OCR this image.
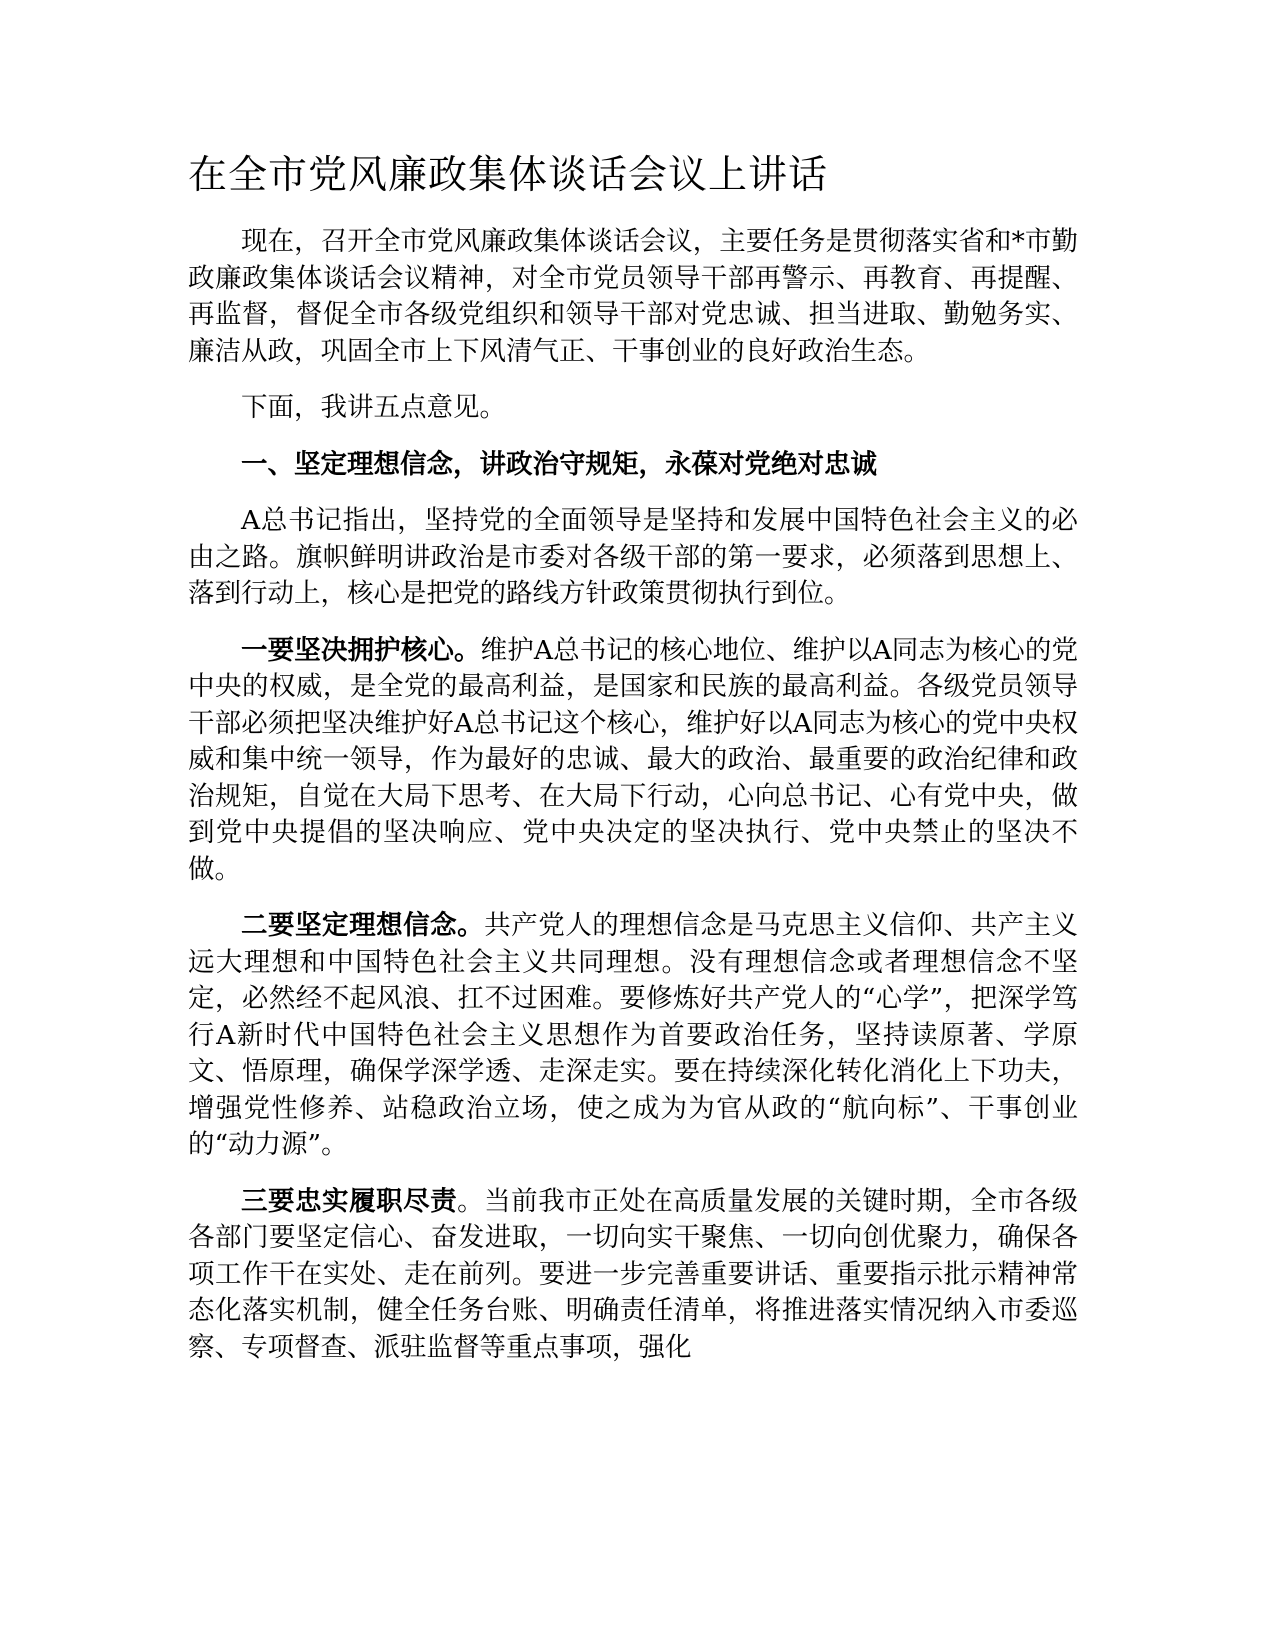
在全市党风廉政集体谈话会议上讲话

现在，召开全市党风廉政集体谈话会议，主要任务是贯彻落实省和*市勤政廉政集体谈话会议精神，对全市党员领导干部再警示、再教育、再提醒、再监督，督促全市各级党组织和领导干部对党忠诚、担当进取、勤勉务实、廉洁从政，巩固全市上下风清气正、干事创业的良好政治生态。

下面，我讲五点意见。

一、坚定理想信念，讲政治守规矩，永葆对党绝对忠诚

A总书记指出，坚持党的全面领导是坚持和发展中国特色社会主义的必由之路。旗帜鲜明讲政治是市委对各级干部的第一要求，必须落到思想上、落到行动上，核心是把党的路线方针政策贯彻执行到位。

一要坚决拥护核心。维护A总书记的核心地位、维护以A同志为核心的党中央的权威，是全党的最高利益，是国家和民族的最高利益。各级党员领导干部必须把坚决维护好A总书记这个核心，维护好以A同志为核心的党中央权威和集中统一领导，作为最好的忠诚、最大的政治、最重要的政治纪律和政治规矩，自觉在大局下思考、在大局下行动，心向总书记、心有党中央，做到党中央提倡的坚决响应、党中央决定的坚决执行、党中央禁止的坚决不做。

二要坚定理想信念。共产党人的理想信念是马克思主义信仰、共产主义远大理想和中国特色社会主义共同理想。没有理想信念或者理想信念不坚定，必然经不起风浪、扛不过困难。要修炼好共产党人的“心学”，把深学笃行A新时代中国特色社会主义思想作为首要政治任务，坚持读原著、学原文、悟原理，确保学深学透、走深走实。要在持续深化转化消化上下功夫，增强党性修养、站稳政治立场，使之成为为官从政的“航向标”、干事创业的“动力源”。

三要忠实履职尽责。当前我市正处在高质量发展的关键时期，全市各级各部门要坚定信心、奋发进取，一切向实干聚焦、一切向创优聚力，确保各项工作干在实处、走在前列。要进一步完善重要讲话、重要指示批示精神常态化落实机制，健全任务台账、明确责任清单，将推进落实情况纳入市委巡察、专项督查、派驻监督等重点事项，强化
